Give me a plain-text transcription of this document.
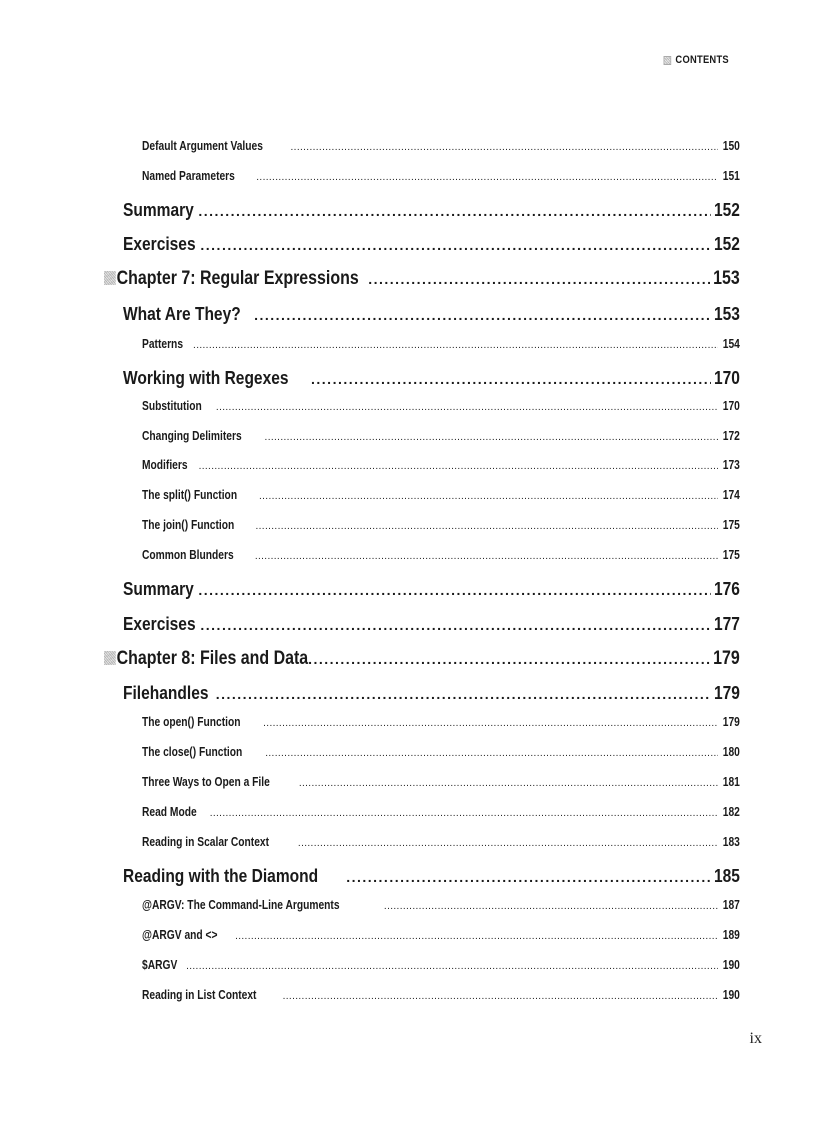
CONTENTS
Default Argument Values . . .	150
Named Parameters . . .	151
Summary . . .	152
Exercises . . .	152
Chapter 7: Regular Expressions . . .	153
What Are They? . . .	153
Patterns . . .	154
Working with Regexes . . .	170
Substitution . . .	170
Changing Delimiters . . .	172
Modifiers . . .	173
The split() Function . . .	174
The join() Function . . .	175
Common Blunders . . .	175
Summary . . .	176
Exercises . . .	177
Chapter 8: Files and Data . . .	179
Filehandles . . .	179
The open() Function . . .	179
The close() Function . . .	180
Three Ways to Open a File . . .	181
Read Mode . . .	182
Reading in Scalar Context . . .	183
Reading with the Diamond . . .	185
@ARGV: The Command-Line Arguments . . .	187
@ARGV and <> . . .	189
$ARGV . . .	190
Reading in List Context . . .	190
ix
